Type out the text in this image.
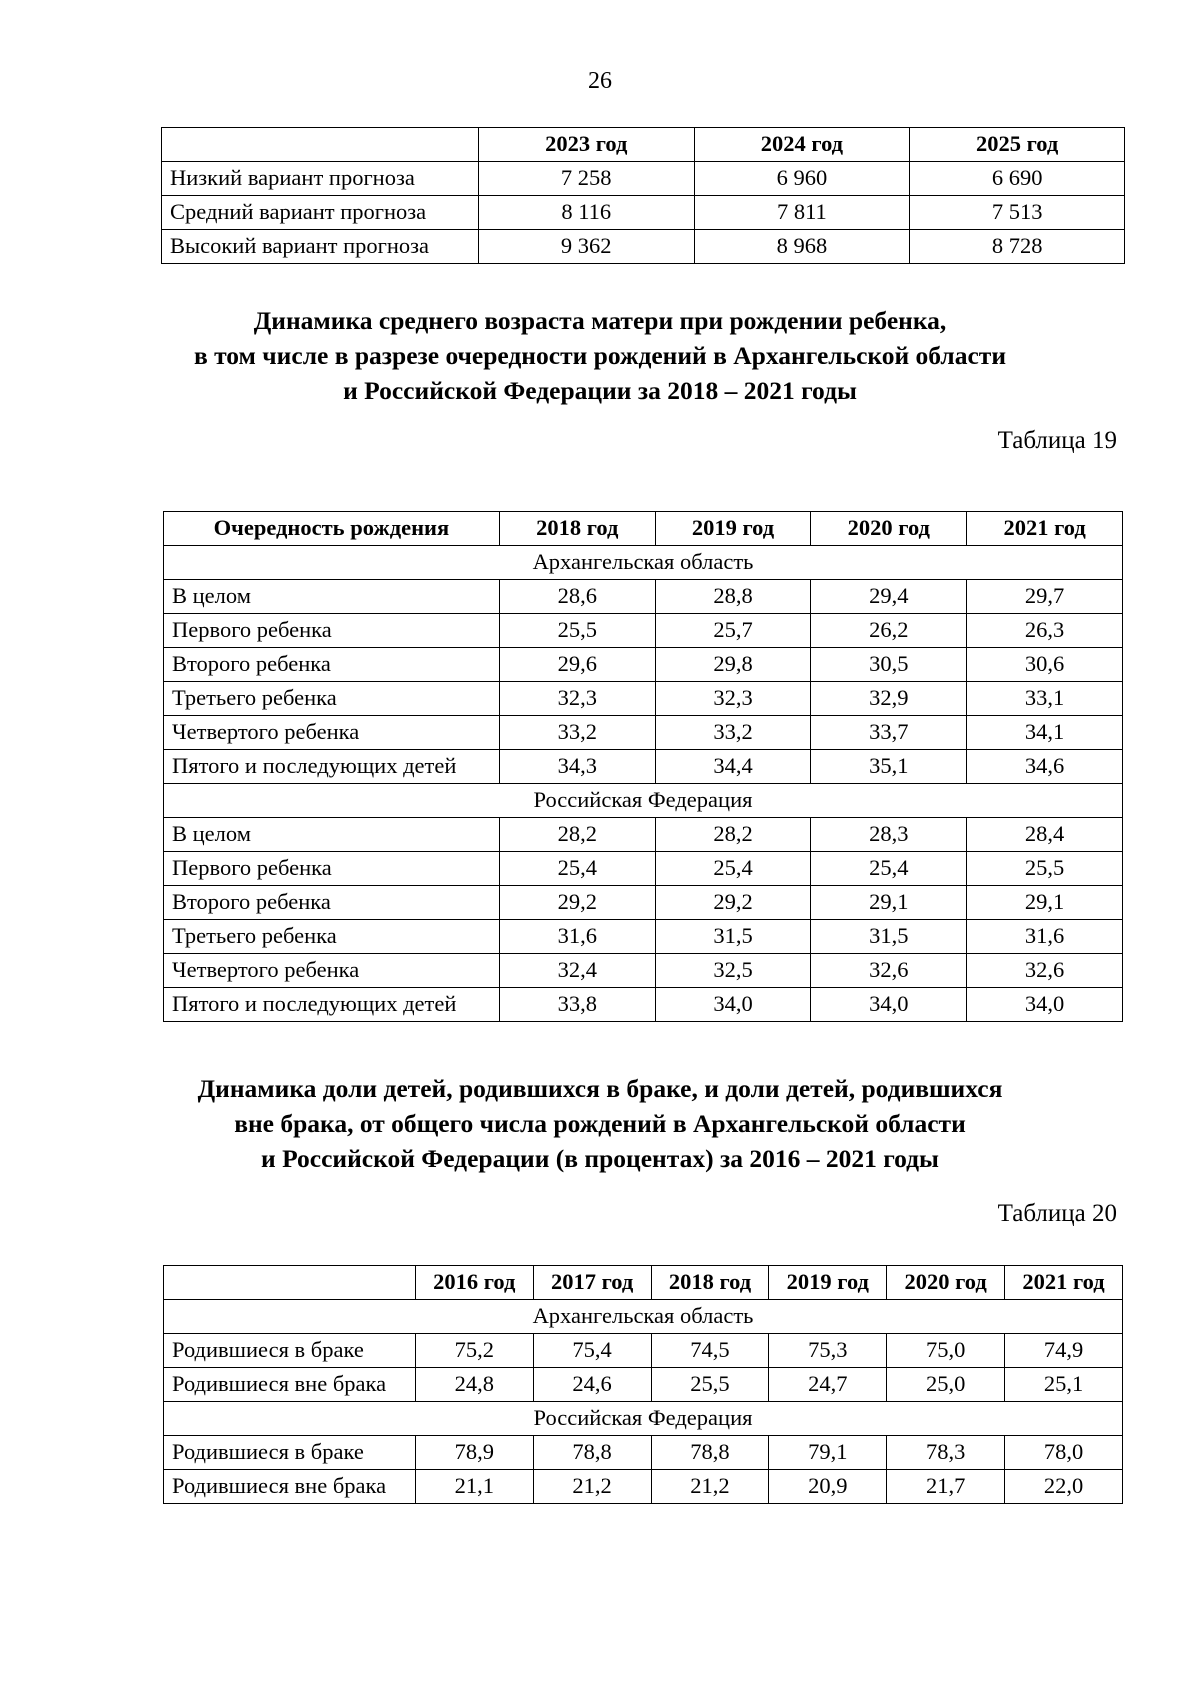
26
	2023 год	2024 год	2025 год
Низкий вариант прогноза	7 258	6 960	6 690
Средний вариант прогноза	8 116	7 811	7 513
Высокий вариант прогноза	9 362	8 968	8 728
Динамика среднего возраста матери при рождении ребенка,
в том числе в разрезе очередности рождений в Архангельской области
и Российской Федерации за 2018 – 2021 годы
Таблица 19
Очередность рождения	2018 год	2019 год	2020 год	2021 год
Архангельская область				
В целом	28,6	28,8	29,4	29,7
Первого ребенка	25,5	25,7	26,2	26,3
Второго ребенка	29,6	29,8	30,5	30,6
Третьего ребенка	32,3	32,3	32,9	33,1
Четвертого ребенка	33,2	33,2	33,7	34,1
Пятого и последующих детей	34,3	34,4	35,1	34,6
Российская Федерация				
В целом	28,2	28,2	28,3	28,4
Первого ребенка	25,4	25,4	25,4	25,5
Второго ребенка	29,2	29,2	29,1	29,1
Третьего ребенка	31,6	31,5	31,5	31,6
Четвертого ребенка	32,4	32,5	32,6	32,6
Пятого и последующих детей	33,8	34,0	34,0	34,0
Динамика доли детей, родившихся в браке, и доли детей, родившихся
вне брака, от общего числа рождений в Архангельской области
и Российской Федерации (в процентах) за 2016 – 2021 годы
Таблица 20
	2016 год	2017 год	2018 год	2019 год	2020 год	2021 год
Архангельская область						
Родившиеся в браке	75,2	75,4	74,5	75,3	75,0	74,9
Родившиеся вне брака	24,8	24,6	25,5	24,7	25,0	25,1
Российская Федерация						
Родившиеся в браке	78,9	78,8	78,8	79,1	78,3	78,0
Родившиеся вне брака	21,1	21,2	21,2	20,9	21,7	22,0
